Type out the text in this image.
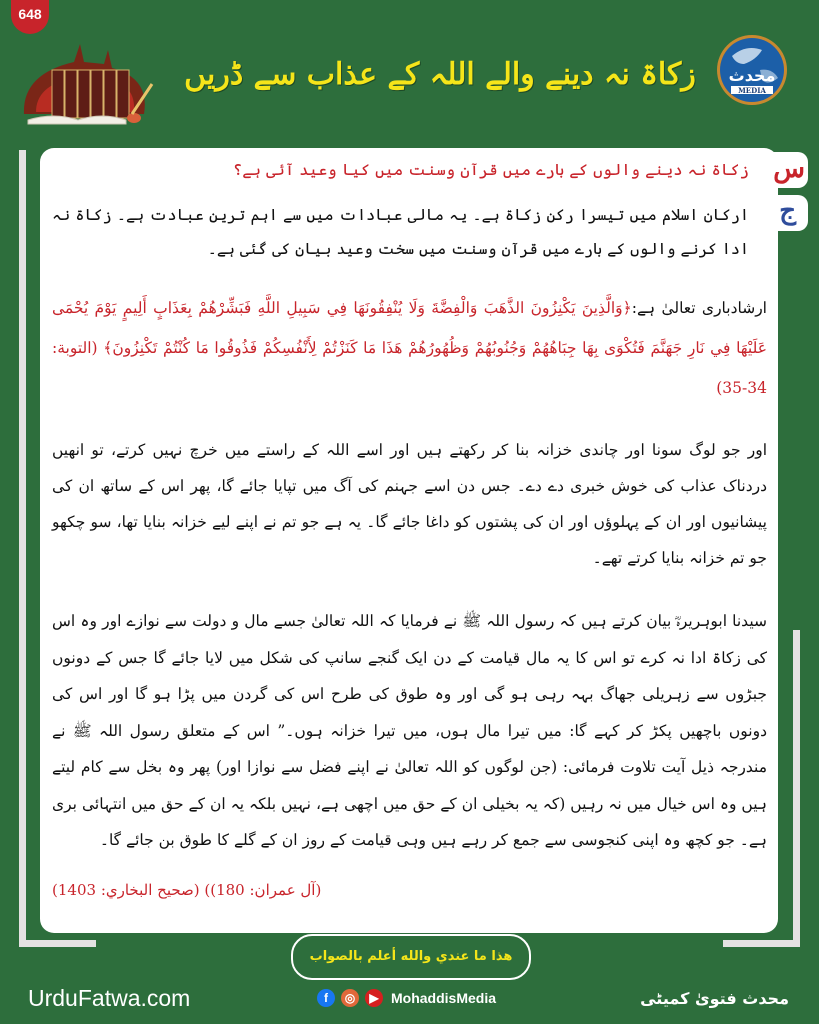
648
زکاۃ نہ دینے والے اللہ کے عذاب سے ڈریں محدث
MEDIA
س
ج
زکاۃ نہ دینے والوں کے بارے میں قرآن وسنت میں کیا وعید آئی ہے؟
ارکان اسلام میں تیسرا رکن زکاۃ ہے۔ یہ مالی عبادات میں سے اہم ترین عبادت ہے۔ زکاۃ نہ ادا کرنے والوں کے بارے میں قرآن وسنت میں سخت وعید بیان کی گئی ہے۔
ارشادباری تعالیٰ ہے:﴿وَالَّذِينَ يَكْنِزُونَ الذَّهَبَ وَالْفِضَّةَ وَلَا يُنْفِقُونَهَا فِي سَبِيلِ اللَّهِ فَبَشِّرْهُمْ بِعَذَابٍ أَلِيمٍ يَوْمَ يُحْمَى عَلَيْهَا فِي نَارِ جَهَنَّمَ فَتُكْوَى بِهَا جِبَاهُهُمْ وَجُنُوبُهُمْ وَظُهُورُهُمْ هَذَا مَا كَنَزْتُمْ لِأَنْفُسِكُمْ فَذُوقُوا مَا كُنْتُمْ تَكْنِزُونَ﴾ (التوبة: 34-35)
اور جو لوگ سونا اور چاندی خزانہ بنا کر رکھتے ہیں اور اسے اللہ کے راستے میں خرچ نہیں کرتے، تو انھیں دردناک عذاب کی خوش خبری دے دے۔ جس دن اسے جہنم کی آگ میں تپایا جائے گا، پھر اس کے ساتھ ان کی پیشانیوں اور ان کے پہلوؤں اور ان کی پشتوں کو داغا جائے گا۔ یہ ہے جو تم نے اپنے لیے خزانہ بنایا تھا، سو چکھو جو تم خزانہ بنایا کرتے تھے۔
سیدنا ابوہریرہؓ بیان کرتے ہیں کہ رسول اللہ ﷺ نے فرمایا کہ اللہ تعالیٰ جسے مال و دولت سے نوازے اور وہ اس کی زکاۃ ادا نہ کرے تو اس کا یہ مال قیامت کے دن ایک گنجے سانپ کی شکل میں لایا جائے گا جس کے دونوں جبڑوں سے زہریلی جھاگ بہہ رہی ہو گی اور وہ طوق کی طرح اس کی گردن میں پڑا ہو گا اور اس کی دونوں باچھیں پکڑ کر کہے گا: میں تیرا مال ہوں، میں تیرا خزانہ ہوں۔” اس کے متعلق رسول اللہ ﷺ نے مندرجہ ذیل آیت تلاوت فرمائی: (جن لوگوں کو اللہ تعالیٰ نے اپنے فضل سے نوازا اور) پھر وہ بخل سے کام لیتے ہیں وہ اس خیال میں نہ رہیں (کہ یہ بخیلی ان کے حق میں اچھی ہے، نہیں بلکہ یہ ان کے حق میں انتہائی بری ہے۔ جو کچھ وہ اپنی کنجوسی سے جمع کر رہے ہیں وہی قیامت کے روز ان کے گلے کا طوق بن جائے گا۔
(آل عمران: 180)) (صحيح البخاري: 1403)
هذا ما عندي والله أعلم بالصواب
UrduFatwa.com	f	◎	▶ MohaddisMedia	محدث فتویٰ کمیٹی
